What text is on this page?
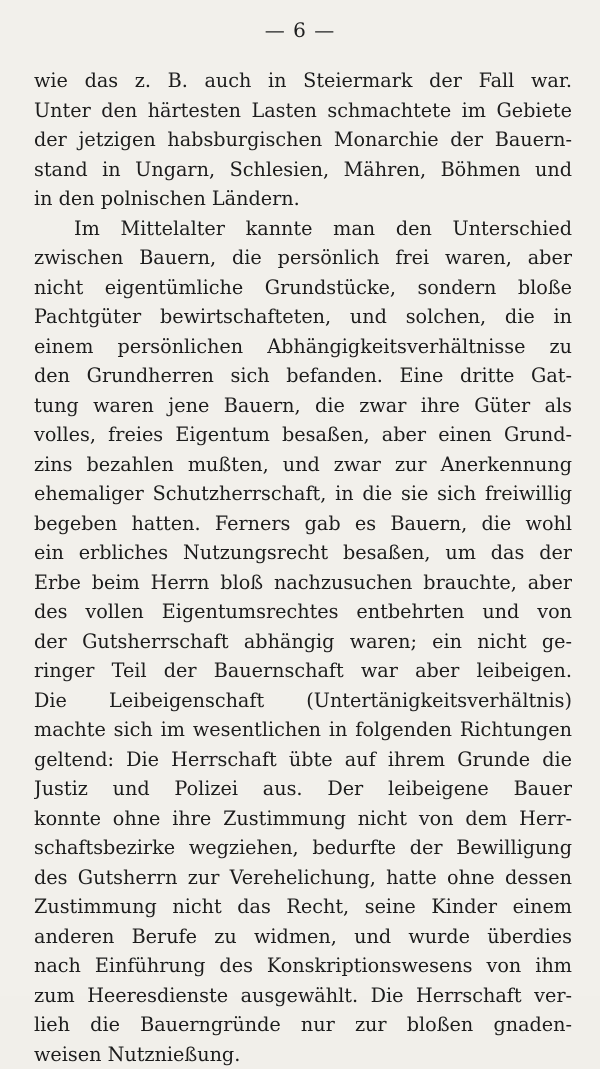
— 6 —
wie das z. B. auch in Steiermark der Fall war.
Unter den härtesten Lasten schmachtete im Gebiete
der jetzigen habsburgischen Monarchie der Bauern-
stand in Ungarn, Schlesien, Mähren, Böhmen und
in den polnischen Ländern.
Im Mittelalter kannte man den Unterschied
zwischen Bauern, die persönlich frei waren, aber
nicht eigentümliche Grundstücke, sondern bloße
Pachtgüter bewirtschafteten, und solchen, die in
einem persönlichen Abhängigkeitsverhältnisse zu
den Grundherren sich befanden. Eine dritte Gat-
tung waren jene Bauern, die zwar ihre Güter als
volles, freies Eigentum besaßen, aber einen Grund-
zins bezahlen mußten, und zwar zur Anerkennung
ehemaliger Schutzherrschaft, in die sie sich freiwillig
begeben hatten. Ferners gab es Bauern, die wohl
ein erbliches Nutzungsrecht besaßen, um das der
Erbe beim Herrn bloß nachzusuchen brauchte, aber
des vollen Eigentumsrechtes entbehrten und von
der Gutsherrschaft abhängig waren; ein nicht ge-
ringer Teil der Bauernschaft war aber leibeigen.
Die Leibeigenschaft (Untertänigkeitsverhältnis)
machte sich im wesentlichen in folgenden Richtungen
geltend: Die Herrschaft übte auf ihrem Grunde die
Justiz und Polizei aus. Der leibeigene Bauer
konnte ohne ihre Zustimmung nicht von dem Herr-
schaftsbezirke wegziehen, bedurfte der Bewilligung
des Gutsherrn zur Verehelichung, hatte ohne dessen
Zustimmung nicht das Recht, seine Kinder einem
anderen Berufe zu widmen, und wurde überdies
nach Einführung des Konskriptionswesens von ihm
zum Heeresdienste ausgewählt. Die Herrschaft ver-
lieh die Bauerngründe nur zur bloßen gnaden-
weisen Nutznießung.
